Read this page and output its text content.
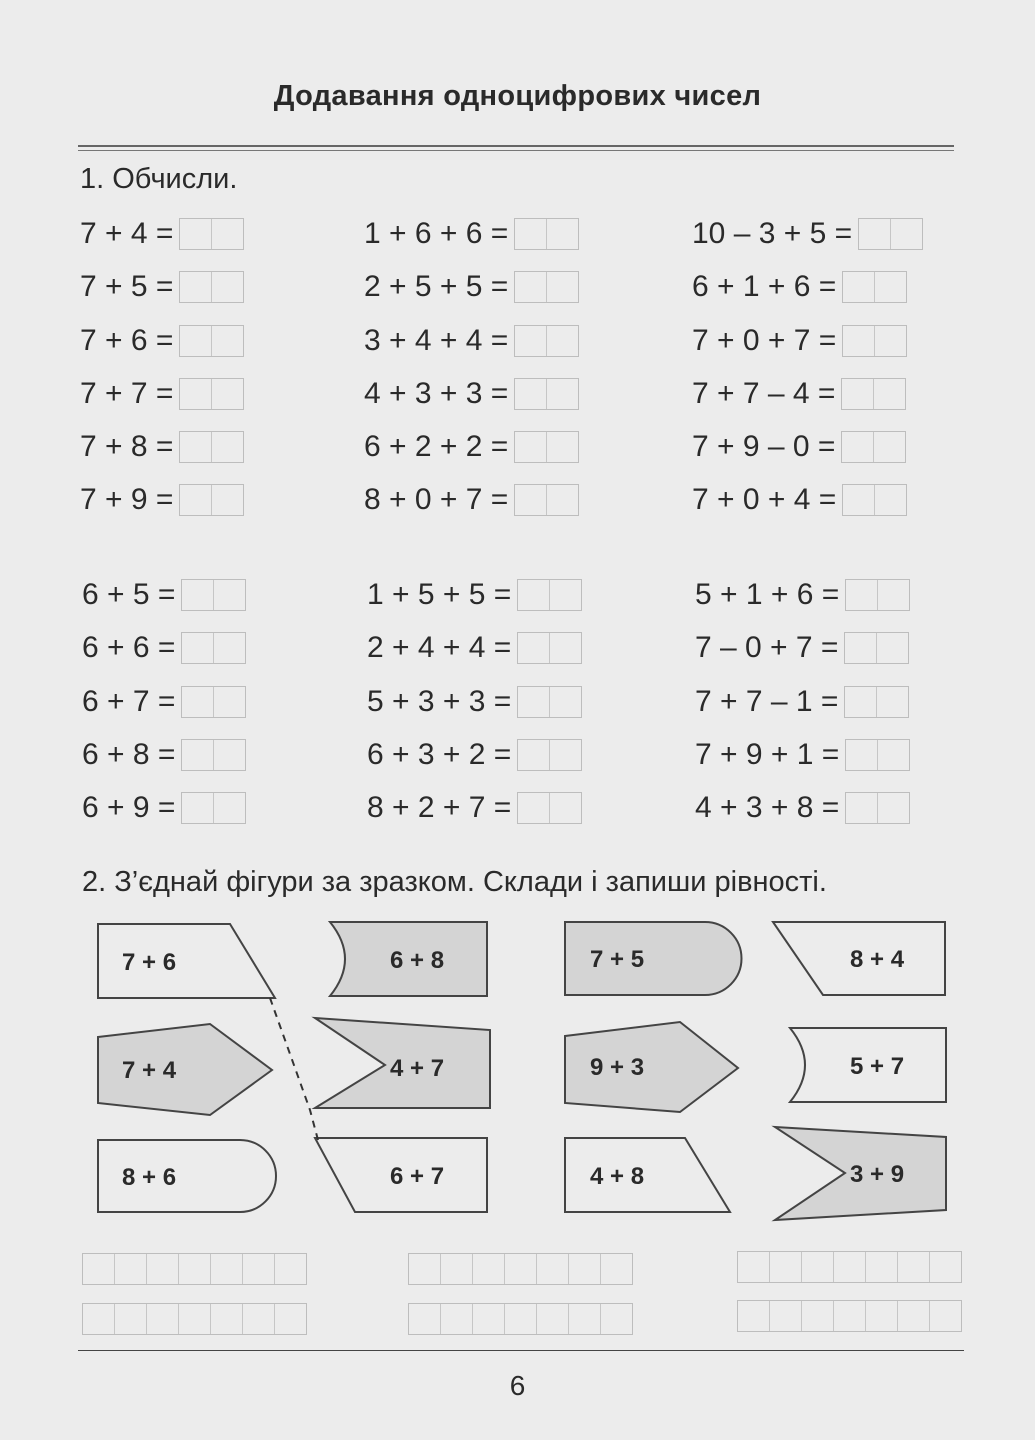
Додавання одноцифрових чисел
1. Обчисли.
7 + 4 =
7 + 5 =
7 + 6 =
7 + 7 =
7 + 8 =
7 + 9 =
1 + 6 + 6 =
2 + 5 + 5 =
3 + 4 + 4 =
4 + 3 + 3 =
6 + 2 + 2 =
8 + 0 + 7 =
10 – 3 + 5 =
6 + 1 + 6 =
7 + 0 + 7 =
7 + 7 – 4 =
7 + 9 – 0 =
7 + 0 + 4 =
6 + 5 =
6 + 6 =
6 + 7 =
6 + 8 =
6 + 9 =
1 + 5 + 5 =
2 + 4 + 4 =
5 + 3 + 3 =
6 + 3 + 2 =
8 + 2 + 7 =
5 + 1 + 6 =
7 – 0 + 7 =
7 + 7 – 1 =
7 + 9 + 1 =
4 + 3 + 8 =
2. З’єднай фігури за зразком. Склади і запиши рівності.
7 + 6
7 + 4
8 + 6
6 + 8
4 + 7
6 + 7
7 + 5
9 + 3
4 + 8
8 + 4
5 + 7
3 + 9
6
